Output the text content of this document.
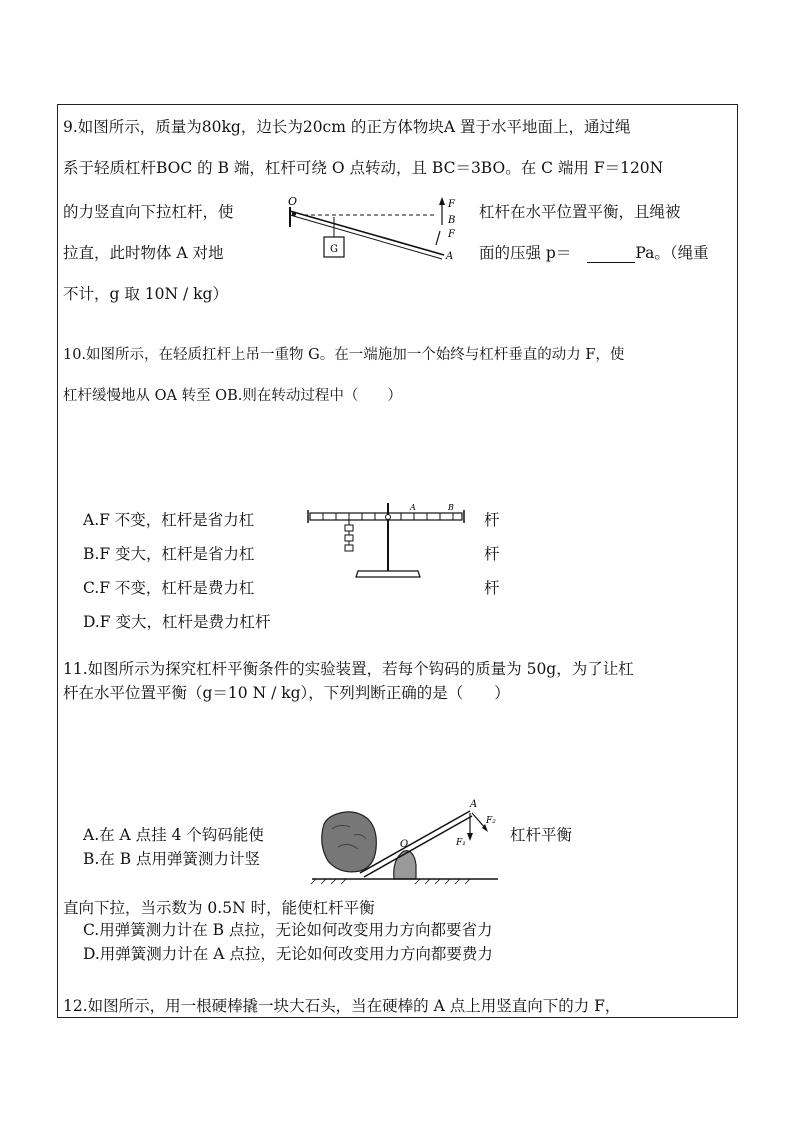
9.如图所示，质量为80kg，边长为20cm 的正方体物块A 置于水平地面上，通过绳
系于轻质杠杆BOC 的 B 端，杠杆可绕 O 点转动，且 BC＝3BO。在 C 端用 F＝120N
的力竖直向下拉杠杆，使	杠杆在水平位置平衡，且绳被
拉直，此时物体 A 对地	面的压强 p＝	Pa。（绳重
不计，g 取 10N / kg）
O	F
B
F
A
G
10.如图所示，在轻质扛杆上吊一重物 G。在一端施加一个始终与杠杆垂直的动力 F，使
杠杆缓慢地从 OA 转至 OB.则在转动过程中（　　）
A.F 不变，杠杆是省力杠
B.F 变大，杠杆是省力杠
C.F 不变，杠杆是费力杠
D.F 变大，杠杆是费力杠杆
杆
杆
杆
A	B
11.如图所示为探究杠杆平衡条件的实验装置，若每个钩码的质量为 50g，为了让杠
杆在水平位置平衡（g＝10 N / kg），下列判断正确的是（　　）
A.在 A 点挂 4 个钩码能使	杠杆平衡
B.在 B 点用弹簧测力计竖
直向下拉，当示数为 0.5N 时，能使杠杆平衡
C.用弹簧测力计在 B 点拉，无论如何改变用力方向都要省力
D.用弹簧测力计在 A 点拉，无论如何改变用力方向都要费力
A
O	F₁
F₂
12.如图所示，用一根硬棒撬一块大石头，当在硬棒的 A 点上用竖直向下的力 F，
